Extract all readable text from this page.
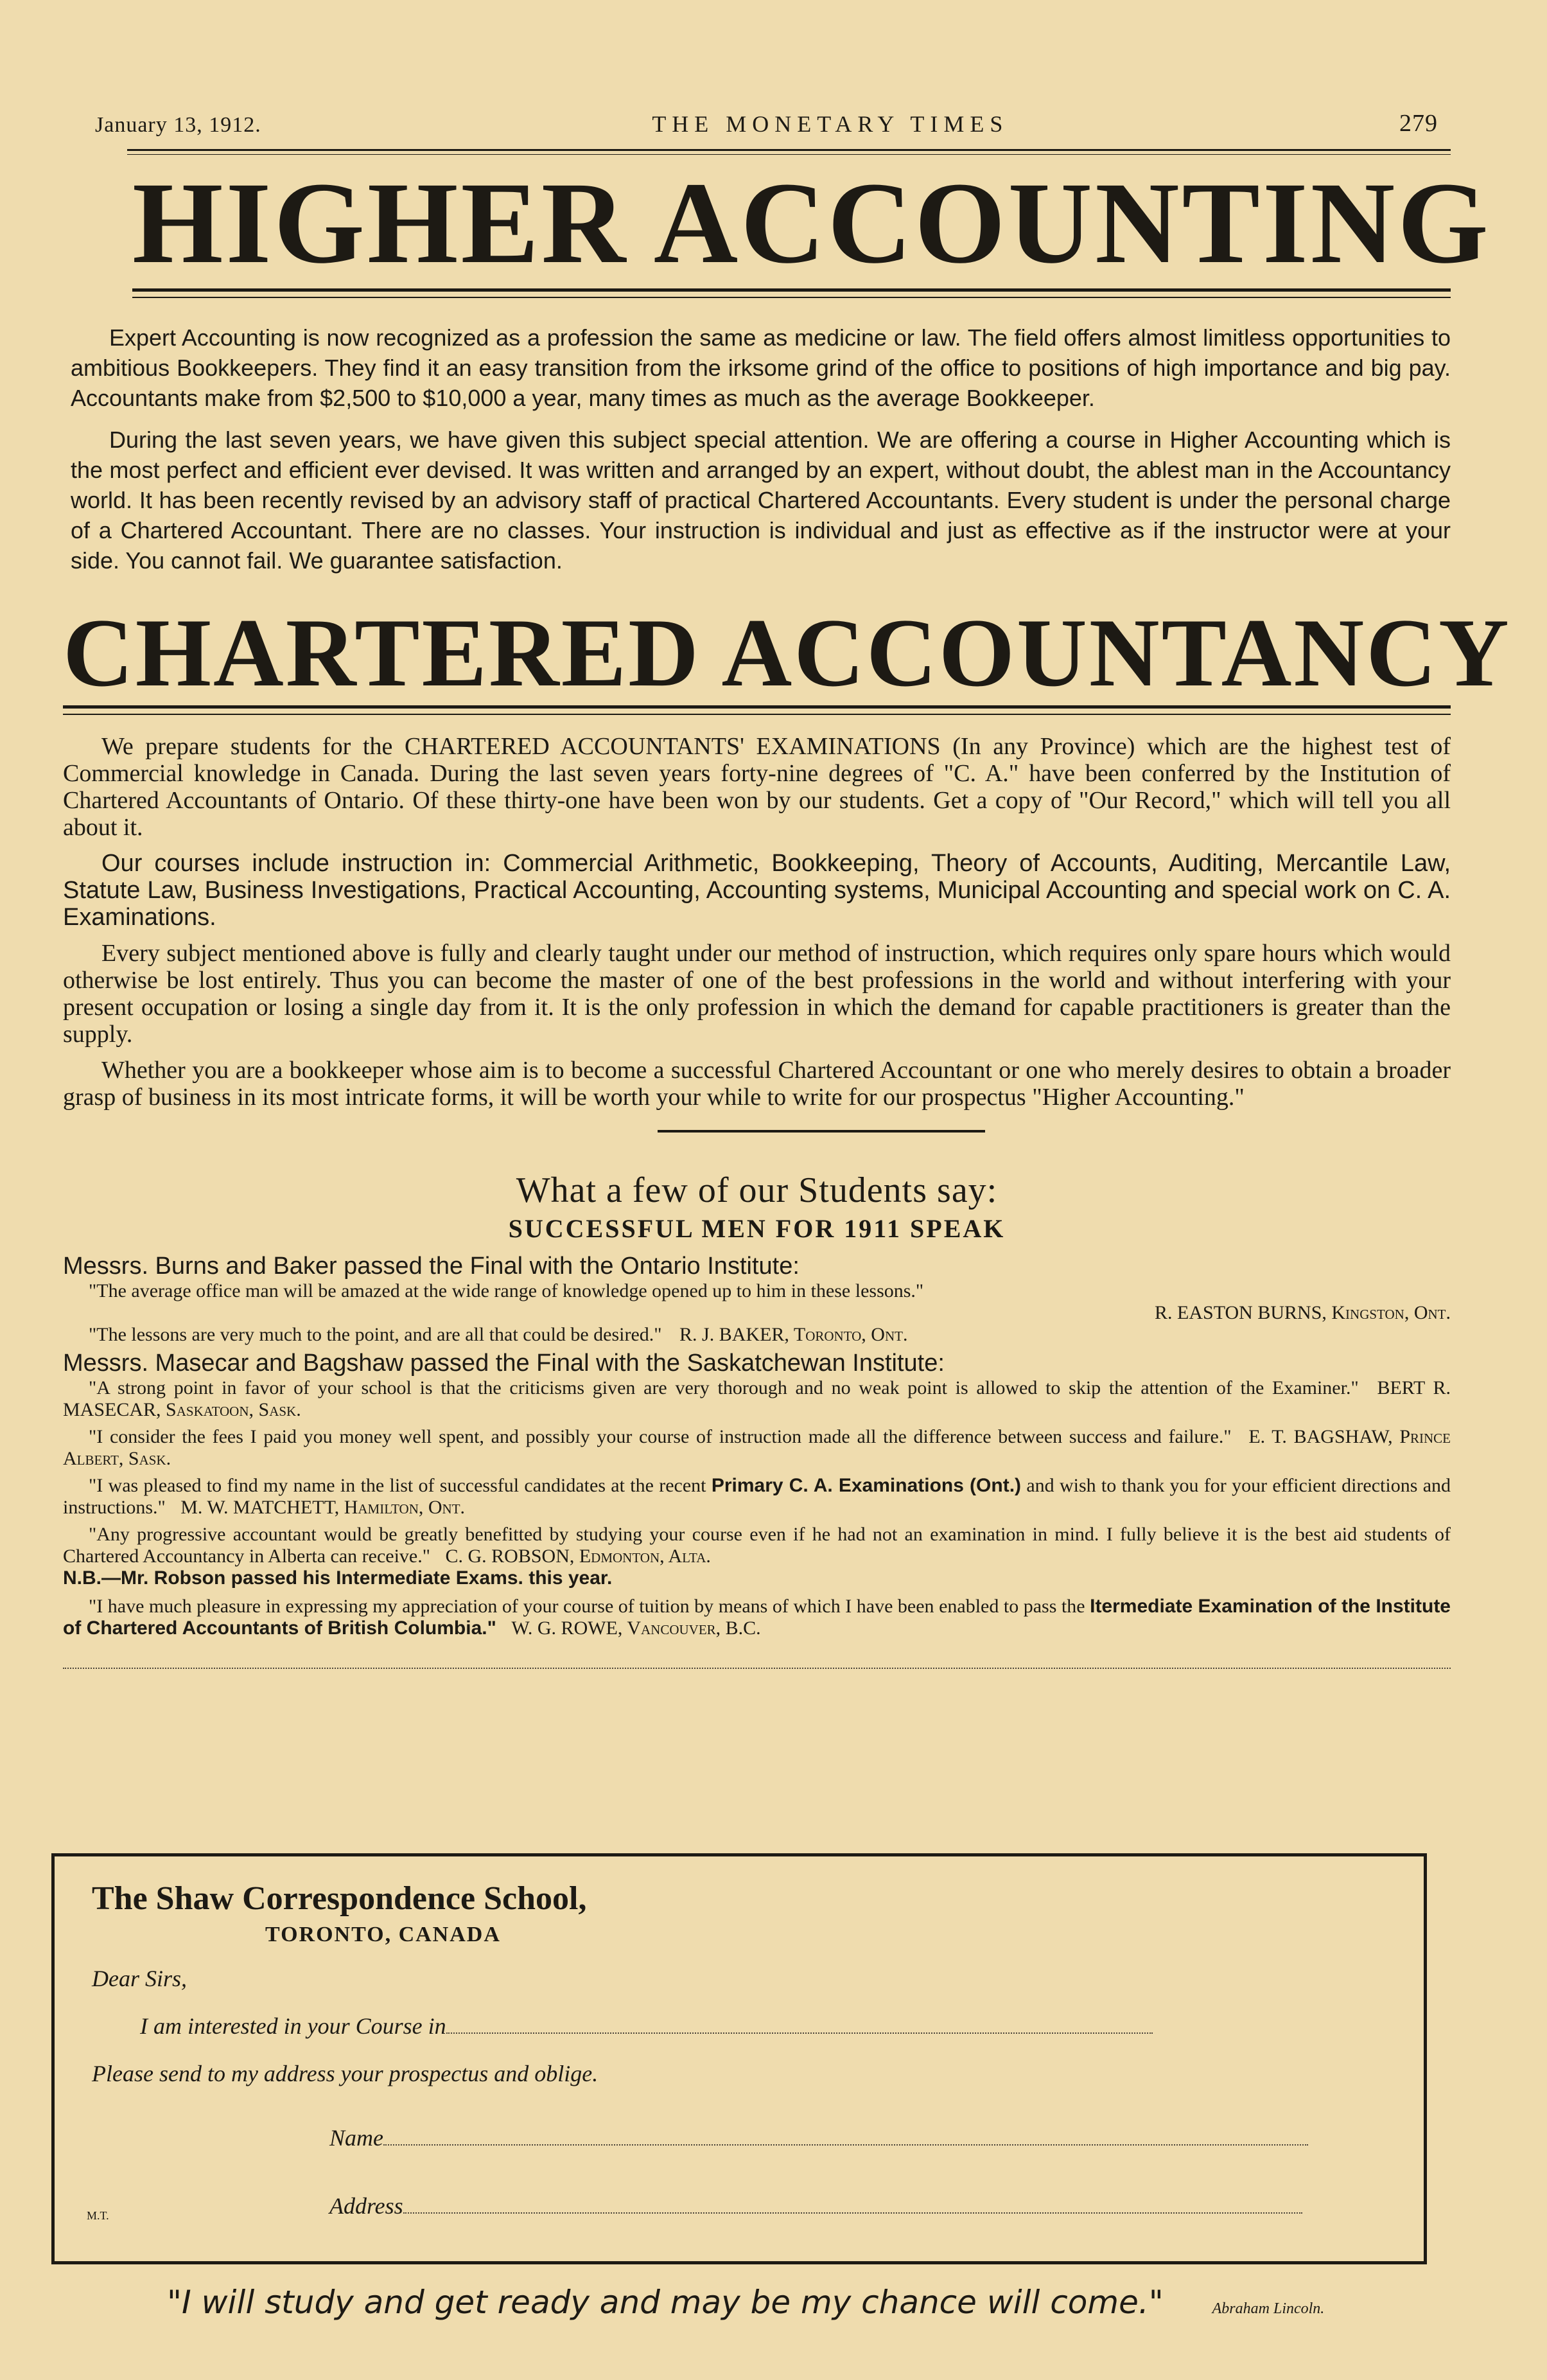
January 13, 1912.	THE MONETARY TIMES	279
HIGHER ACCOUNTING

Expert Accounting is now recognized as a profession the same as medicine or law. The field offers almost limitless opportunities to ambitious Bookkeepers. They find it an easy transition from the irksome grind of the office to positions of high importance and big pay. Accountants make from $2,500 to $10,000 a year, many times as much as the average Bookkeeper.

During the last seven years, we have given this subject special attention. We are offering a course in Higher Accounting which is the most perfect and efficient ever devised. It was written and arranged by an expert, without doubt, the ablest man in the Accountancy world. It has been recently revised by an advisory staff of practical Chartered Accountants. Every student is under the personal charge of a Chartered Accountant. There are no classes. Your instruction is individual and just as effective as if the instructor were at your side. You cannot fail. We guarantee satisfaction.

CHARTERED ACCOUNTANCY

We prepare students for the CHARTERED ACCOUNTANTS' EXAMINATIONS (In any Province) which are the highest test of Commercial knowledge in Canada. During the last seven years forty-nine degrees of "C. A." have been conferred by the Institution of Chartered Accountants of Ontario. Of these thirty-one have been won by our students. Get a copy of "Our Record," which will tell you all about it.

Our courses include instruction in: Commercial Arithmetic, Bookkeeping, Theory of Accounts, Auditing, Mercantile Law, Statute Law, Business Investigations, Practical Accounting, Accounting systems, Municipal Accounting and special work on C. A. Examinations.

Every subject mentioned above is fully and clearly taught under our method of instruction, which requires only spare hours which would otherwise be lost entirely. Thus you can become the master of one of the best professions in the world and without interfering with your present occupation or losing a single day from it. It is the only profession in which the demand for capable practitioners is greater than the supply.

Whether you are a bookkeeper whose aim is to become a successful Chartered Accountant or one who merely desires to obtain a broader grasp of business in its most intricate forms, it will be worth your while to write for our prospectus "Higher Accounting."

What a few of our Students say:
SUCCESSFUL MEN FOR 1911 SPEAK
Messrs. Burns and Baker passed the Final with the Ontario Institute:

"The average office man will be amazed at the wide range of knowledge opened up to him in these lessons."

R. EASTON BURNS, Kingston, Ont.

"The lessons are very much to the point, and are all that could be desired." R. J. BAKER, Toronto, Ont.

Messrs. Masecar and Bagshaw passed the Final with the Saskatchewan Institute:

"A strong point in favor of your school is that the criticisms given are very thorough and no weak point is allowed to skip the attention of the Examiner." BERT R. MASECAR, Saskatoon, Sask.

"I consider the fees I paid you money well spent, and possibly your course of instruction made all the difference between success and failure." E. T. BAGSHAW, Prince Albert, Sask.

"I was pleased to find my name in the list of successful candidates at the recent Primary C. A. Examinations (Ont.) and wish to thank you for your efficient directions and instructions." M. W. MATCHETT, Hamilton, Ont.

"Any progressive accountant would be greatly benefitted by studying your course even if he had not an examination in mind. I fully believe it is the best aid students of Chartered Accountancy in Alberta can receive." C. G. ROBSON, Edmonton, Alta.

N.B.—Mr. Robson passed his Intermediate Exams. this year.

"I have much pleasure in expressing my appreciation of your course of tuition by means of which I have been enabled to pass the Itermediate Examination of the Institute of Chartered Accountants of British Columbia." W. G. ROWE, Vancouver, B.C.

The Shaw Correspondence School,
TORONTO, CANADA
Dear Sirs,
I am interested in your Course in
Please send to my address your prospectus and oblige.
Name
Address
M.T.
"I will study and get ready and may be my chance will come."	Abraham Lincoln.
